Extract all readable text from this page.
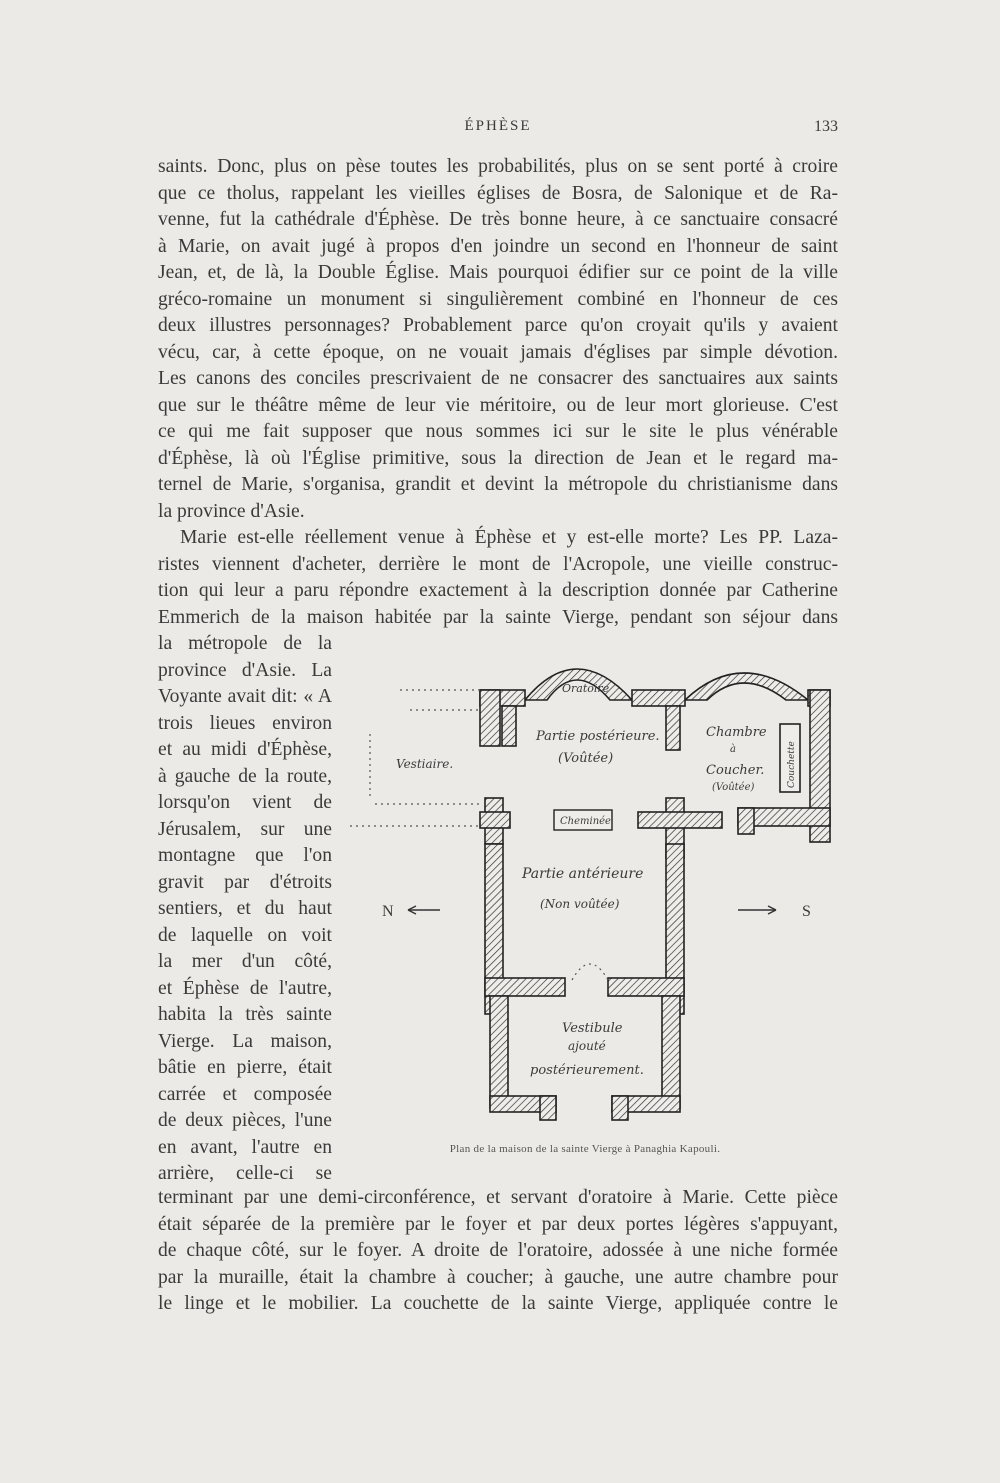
ÉPHÈSE	133
saints. Donc, plus on pèse toutes les probabilités, plus on se sent porté à croire
que ce tholus, rappelant les vieilles églises de Bosra, de Salonique et de Ra-
venne, fut la cathédrale d'Éphèse. De très bonne heure, à ce sanctuaire consacré
à Marie, on avait jugé à propos d'en joindre un second en l'honneur de saint
Jean, et, de là, la Double Église. Mais pourquoi édifier sur ce point de la ville
gréco-romaine un monument si singulièrement combiné en l'honneur de ces
deux illustres personnages? Probablement parce qu'on croyait qu'ils y avaient
vécu, car, à cette époque, on ne vouait jamais d'églises par simple dévotion.
Les canons des conciles prescrivaient de ne consacrer des sanctuaires aux saints
que sur le théâtre même de leur vie méritoire, ou de leur mort glorieuse. C'est
ce qui me fait supposer que nous sommes ici sur le site le plus vénérable
d'Éphèse, là où l'Église primitive, sous la direction de Jean et le regard ma-
ternel de Marie, s'organisa, grandit et devint la métropole du christianisme dans
la province d'Asie.
Marie est-elle réellement venue à Éphèse et y est-elle morte? Les PP. Laza-
ristes viennent d'acheter, derrière le mont de l'Acropole, une vieille construc-
tion qui leur a paru répondre exactement à la description donnée par Catherine
Emmerich de la maison habitée par la sainte Vierge, pendant son séjour dans
la métropole de la
province d'Asie. La
Voyante avait dit: « A
trois lieues environ
et au midi d'Éphèse,
à gauche de la route,
lorsqu'on vient de
Jérusalem, sur une
montagne que l'on
gravit par d'étroits
sentiers, et du haut
de laquelle on voit
la mer d'un côté,
et Éphèse de l'autre,
habita la très sainte
Vierge. La maison,
bâtie en pierre, était
carrée et composée
de deux pièces, l'une
en avant, l'autre en
arrière, celle-ci se
terminant par une demi-circonférence, et servant d'oratoire à Marie. Cette pièce
était séparée de la première par le foyer et par deux portes légères s'appuyant,
de chaque côté, sur le foyer. A droite de l'oratoire, adossée à une niche formée
par la muraille, était la chambre à coucher; à gauche, une autre chambre pour
le linge et le mobilier. La couchette de la sainte Vierge, appliquée contre le
Oratoire
Partie postérieure.
(Voûtée)
Chambre
à
Coucher.
(Voûtée)	Couchette
Vestiaire.
Cheminée
Partie antérieure
(Non voûtée)
Vestibule
ajouté
postérieurement.
N	S
Plan de la maison de la sainte Vierge à Panaghia Kapouli.
